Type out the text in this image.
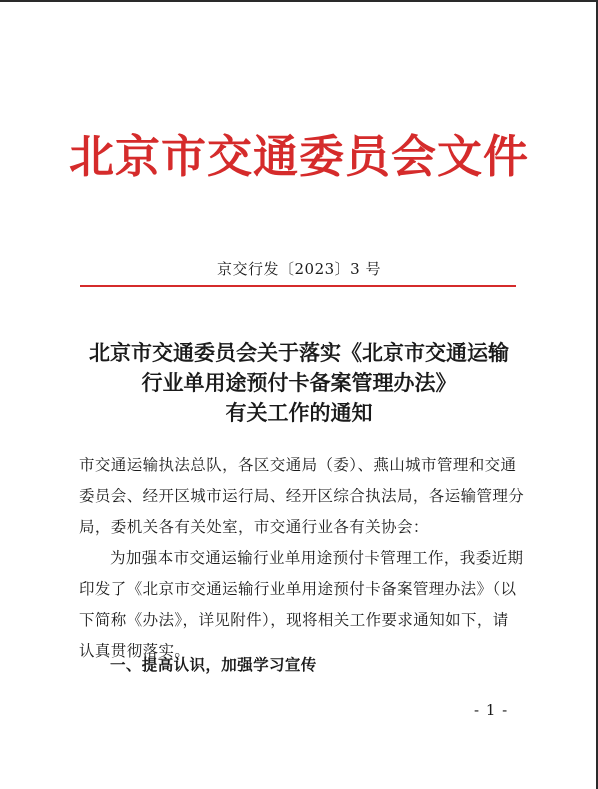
北京市交通委员会文件
京交行发〔2023〕3 号
北京市交通委员会关于落实《北京市交通运输
行业单用途预付卡备案管理办法》
有关工作的通知
市交通运输执法总队，各区交通局（委）、燕山城市管理和交通
委员会、经开区城市运行局、经开区综合执法局，各运输管理分
局，委机关各有关处室，市交通行业各有关协会：
为加强本市交通运输行业单用途预付卡管理工作，我委近期
印发了《北京市交通运输行业单用途预付卡备案管理办法》（以
下简称《办法》，详见附件），现将相关工作要求通知如下，请
认真贯彻落实。
一、提高认识，加强学习宣传
- 1 -
